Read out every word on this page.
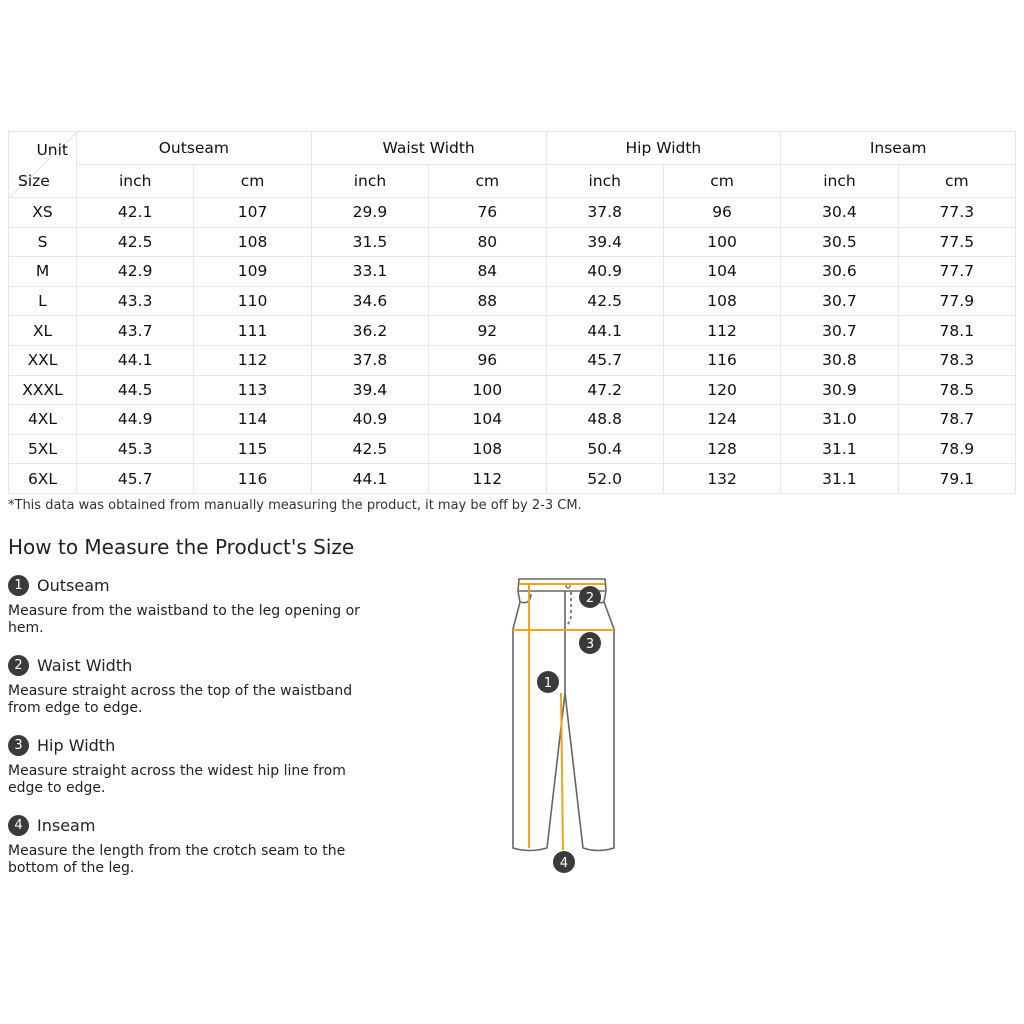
Unit
Size	Outseam		Waist Width		Hip Width		Inseam	
	inch	cm	inch	cm	inch	cm	inch	cm
XS	42.1	107	29.9	76	37.8	96	30.4	77.3
S	42.5	108	31.5	80	39.4	100	30.5	77.5
M	42.9	109	33.1	84	40.9	104	30.6	77.7
L	43.3	110	34.6	88	42.5	108	30.7	77.9
XL	43.7	111	36.2	92	44.1	112	30.7	78.1
XXL	44.1	112	37.8	96	45.7	116	30.8	78.3
XXXL	44.5	113	39.4	100	47.2	120	30.9	78.5
4XL	44.9	114	40.9	104	48.8	124	31.0	78.7
5XL	45.3	115	42.5	108	50.4	128	31.1	78.9
6XL	45.7	116	44.1	112	52.0	132	31.1	79.1
*This data was obtained from manually measuring the product, it may be off by 2-3 CM.
How to Measure the Product's Size
1 Outseam
Measure from the waistband to the leg opening or hem.
2 Waist Width
Measure straight across the top of the waistband from edge to edge.
3 Hip Width
Measure straight across the widest hip line from edge to edge.
4 Inseam
Measure the length from the crotch seam to the bottom of the leg.
1
2
3
4
